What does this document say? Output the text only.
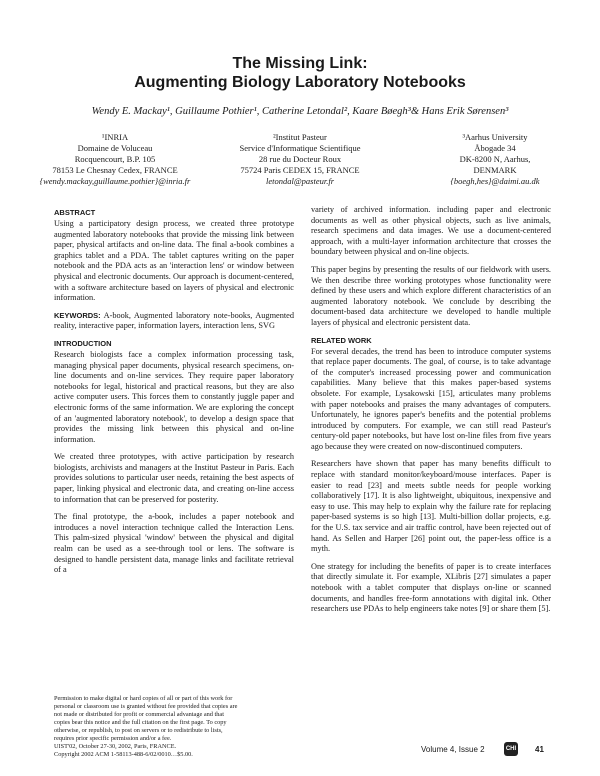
The Missing Link:
Augmenting Biology Laboratory Notebooks
Wendy E. Mackay¹, Guillaume Pothier¹, Catherine Letondal², Kaare Bøegh³& Hans Erik Sørensen³
¹INRIA
Domaine de Voluceau
Rocquencourt, B.P. 105
78153 Le Chesnay Cedex, FRANCE
{wendy.mackay,guillaume.pothier}@inria.fr
²Institut Pasteur
Service d'Informatique Scientifique
28 rue du Docteur Roux
75724 Paris CEDEX 15, FRANCE
letondal@pasteur.fr
³Aarhus University
Åbogade 34
DK-8200 N, Aarhus,
DENMARK
{boegh,hes}@daimi.au.dk
ABSTRACT

Using a participatory design process, we created three prototype augmented laboratory notebooks that provide the missing link between paper, physical artifacts and on-line data. The final a-book combines a graphics tablet and a PDA. The tablet captures writing on the paper notebook and the PDA acts as an 'interaction lens' or window between physical and electronic documents. Our approach is document-centered, with a software architecture based on layers of physical and electronic information.

KEYWORDS: A-book, Augmented laboratory note-books, Augmented reality, interactive paper, information layers, interaction lens, SVG

INTRODUCTION

Research biologists face a complex information processing task, managing physical paper documents, physical research specimens, on-line documents and on-line services. They require paper laboratory notebooks for legal, historical and practical reasons, but they are also active computer users. This forces them to constantly juggle paper and electronic forms of the same information. We are exploring the concept of an 'augmented laboratory notebook', to develop a design space that provides the missing link between this physical and on-line information.

We created three prototypes, with active participation by research biologists, archivists and managers at the Institut Pasteur in Paris. Each provides solutions to particular user needs, retaining the best aspects of paper, linking physical and electronic data, and creating on-line access to information that can be preserved for posterity.

The final prototype, the a-book, includes a paper notebook and introduces a novel interaction technique called the Interaction Lens. This palm-sized physical 'window' between the physical and digital realm can be used as a see-through tool or lens. The software is designed to handle persistent data, manage links and facilitate retrieval of a

variety of archived information. including paper and electronic documents as well as other physical objects, such as live animals, research specimens and data images. We use a document-centered approach, with a multi-layer information architecture that crosses the boundary between physical and on-line objects.

This paper begins by presenting the results of our fieldwork with users. We then describe three working prototypes whose functionality were defined by these users and which explore different characteristics of an augmented laboratory notebook. We conclude by describing the document-based data architecture we developed to handle multiple layers of physical and electronic persistent data.

RELATED WORK

For several decades, the trend has been to introduce computer systems that replace paper documents. The goal, of course, is to take advantage of the computer's increased processing power and communication capabilities. Many believe that this makes paper-based systems obsolete. For example, Lysakowski [15], articulates many problems with paper notebooks and praises the many advantages of computers. Unfortunately, he ignores paper's benefits and the potential problems introduced by computers. For example, we can still read Pasteur's century-old paper notebooks, but have lost on-line files from five years ago because they were created on now-discontinued computers.

Researchers have shown that paper has many benefits difficult to replace with standard monitor/keyboard/mouse interfaces. Paper is easier to read [23] and meets subtle needs for people working collaboratively [17]. It is also lightweight, ubiquitous, inexpensive and easy to use. This may help to explain why the failure rate for replacing paper-based systems is so high [13]. Multi-billion dollar projects, e.g. for the U.S. tax service and air traffic control, have been rejected out of hand. As Sellen and Harper [26] point out, the paper-less office is a myth.

One strategy for including the benefits of paper is to create interfaces that directly simulate it. For example, XLibris [27] simulates a paper notebook with a tablet computer that displays on-line or scanned documents, and handles free-form annotations with digital ink. Other researchers use PDAs to help engineers take notes [9] or share them [5].

Permission to make digital or hard copies of all or part of this work for
personal or classroom use is granted without fee provided that copies are
not made or distributed for profit or commercial advantage and that
copies bear this notice and the full citation on the first page. To copy
otherwise, or republish, to post on servers or to redistribute to lists,
requires prior specific permission and/or a fee.
UIST'02, October 27-30, 2002, Paris, FRANCE.
Copyright 2002 ACM 1-58113-488-6/02/0010…$5.00.
Volume 4, Issue 2	CHI 41
